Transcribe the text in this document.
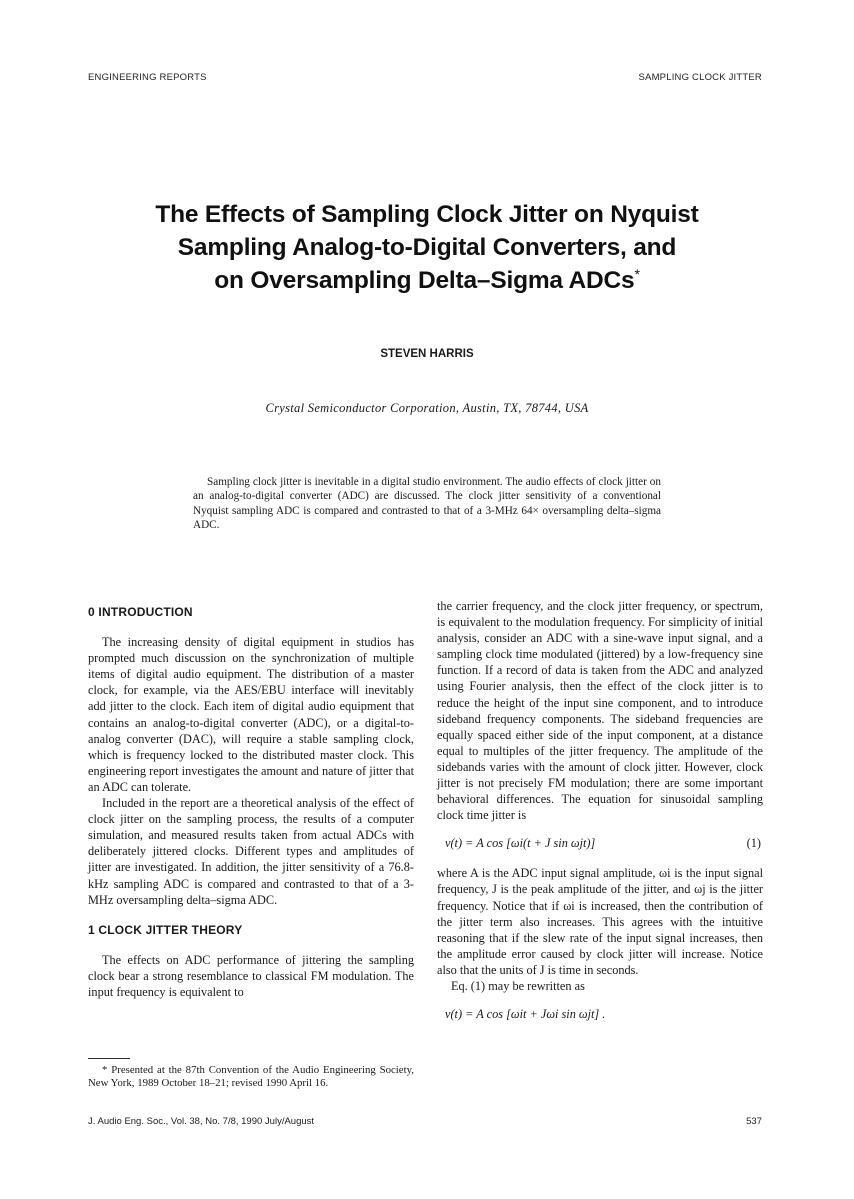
ENGINEERING REPORTS	SAMPLING CLOCK JITTER
The Effects of Sampling Clock Jitter on Nyquist
Sampling Analog-to-Digital Converters, and
on Oversampling Delta–Sigma ADCs*
STEVEN HARRIS
Crystal Semiconductor Corporation, Austin, TX, 78744, USA

Sampling clock jitter is inevitable in a digital studio environment. The audio effects of clock jitter on an analog-to-digital converter (ADC) are discussed. The clock jitter sensitivity of a conventional Nyquist sampling ADC is compared and contrasted to that of a 3-MHz 64× oversampling delta–sigma ADC.

0 INTRODUCTION

The increasing density of digital equipment in studios has prompted much discussion on the synchronization of multiple items of digital audio equipment. The distribution of a master clock, for example, via the AES/EBU interface will inevitably add jitter to the clock. Each item of digital audio equipment that contains an analog-to-digital converter (ADC), or a digital-to-analog converter (DAC), will require a stable sampling clock, which is frequency locked to the distributed master clock. This engineering report investigates the amount and nature of jitter that an ADC can tolerate.

Included in the report are a theoretical analysis of the effect of clock jitter on the sampling process, the results of a computer simulation, and measured results taken from actual ADCs with deliberately jittered clocks. Different types and amplitudes of jitter are investigated. In addition, the jitter sensitivity of a 76.8-kHz sampling ADC is compared and contrasted to that of a 3-MHz oversampling delta–sigma ADC.

1 CLOCK JITTER THEORY

The effects on ADC performance of jittering the sampling clock bear a strong resemblance to classical FM modulation. The input frequency is equivalent to

the carrier frequency, and the clock jitter frequency, or spectrum, is equivalent to the modulation frequency. For simplicity of initial analysis, consider an ADC with a sine-wave input signal, and a sampling clock time modulated (jittered) by a low-frequency sine function. If a record of data is taken from the ADC and analyzed using Fourier analysis, then the effect of the clock jitter is to reduce the height of the input sine component, and to introduce sideband frequency components. The sideband frequencies are equally spaced either side of the input component, at a distance equal to multiples of the jitter frequency. The amplitude of the sidebands varies with the amount of clock jitter. However, clock jitter is not precisely FM modulation; there are some important behavioral differences. The equation for sinusoidal sampling clock time jitter is

v(t) = A cos [ωi(t + J sin ωjt)]	(1)

where A is the ADC input signal amplitude, ωi is the input signal frequency, J is the peak amplitude of the jitter, and ωj is the jitter frequency. Notice that if ωi is increased, then the contribution of the jitter term also increases. This agrees with the intuitive reasoning that if the slew rate of the input signal increases, then the amplitude error caused by clock jitter will increase. Notice also that the units of J is time in seconds.

Eq. (1) may be rewritten as

v(t) = A cos [ωit + Jωi sin ωjt] .

* Presented at the 87th Convention of the Audio Engineering Society, New York, 1989 October 18–21; revised 1990 April 16.

J. Audio Eng. Soc., Vol. 38, No. 7/8, 1990 July/August	537
